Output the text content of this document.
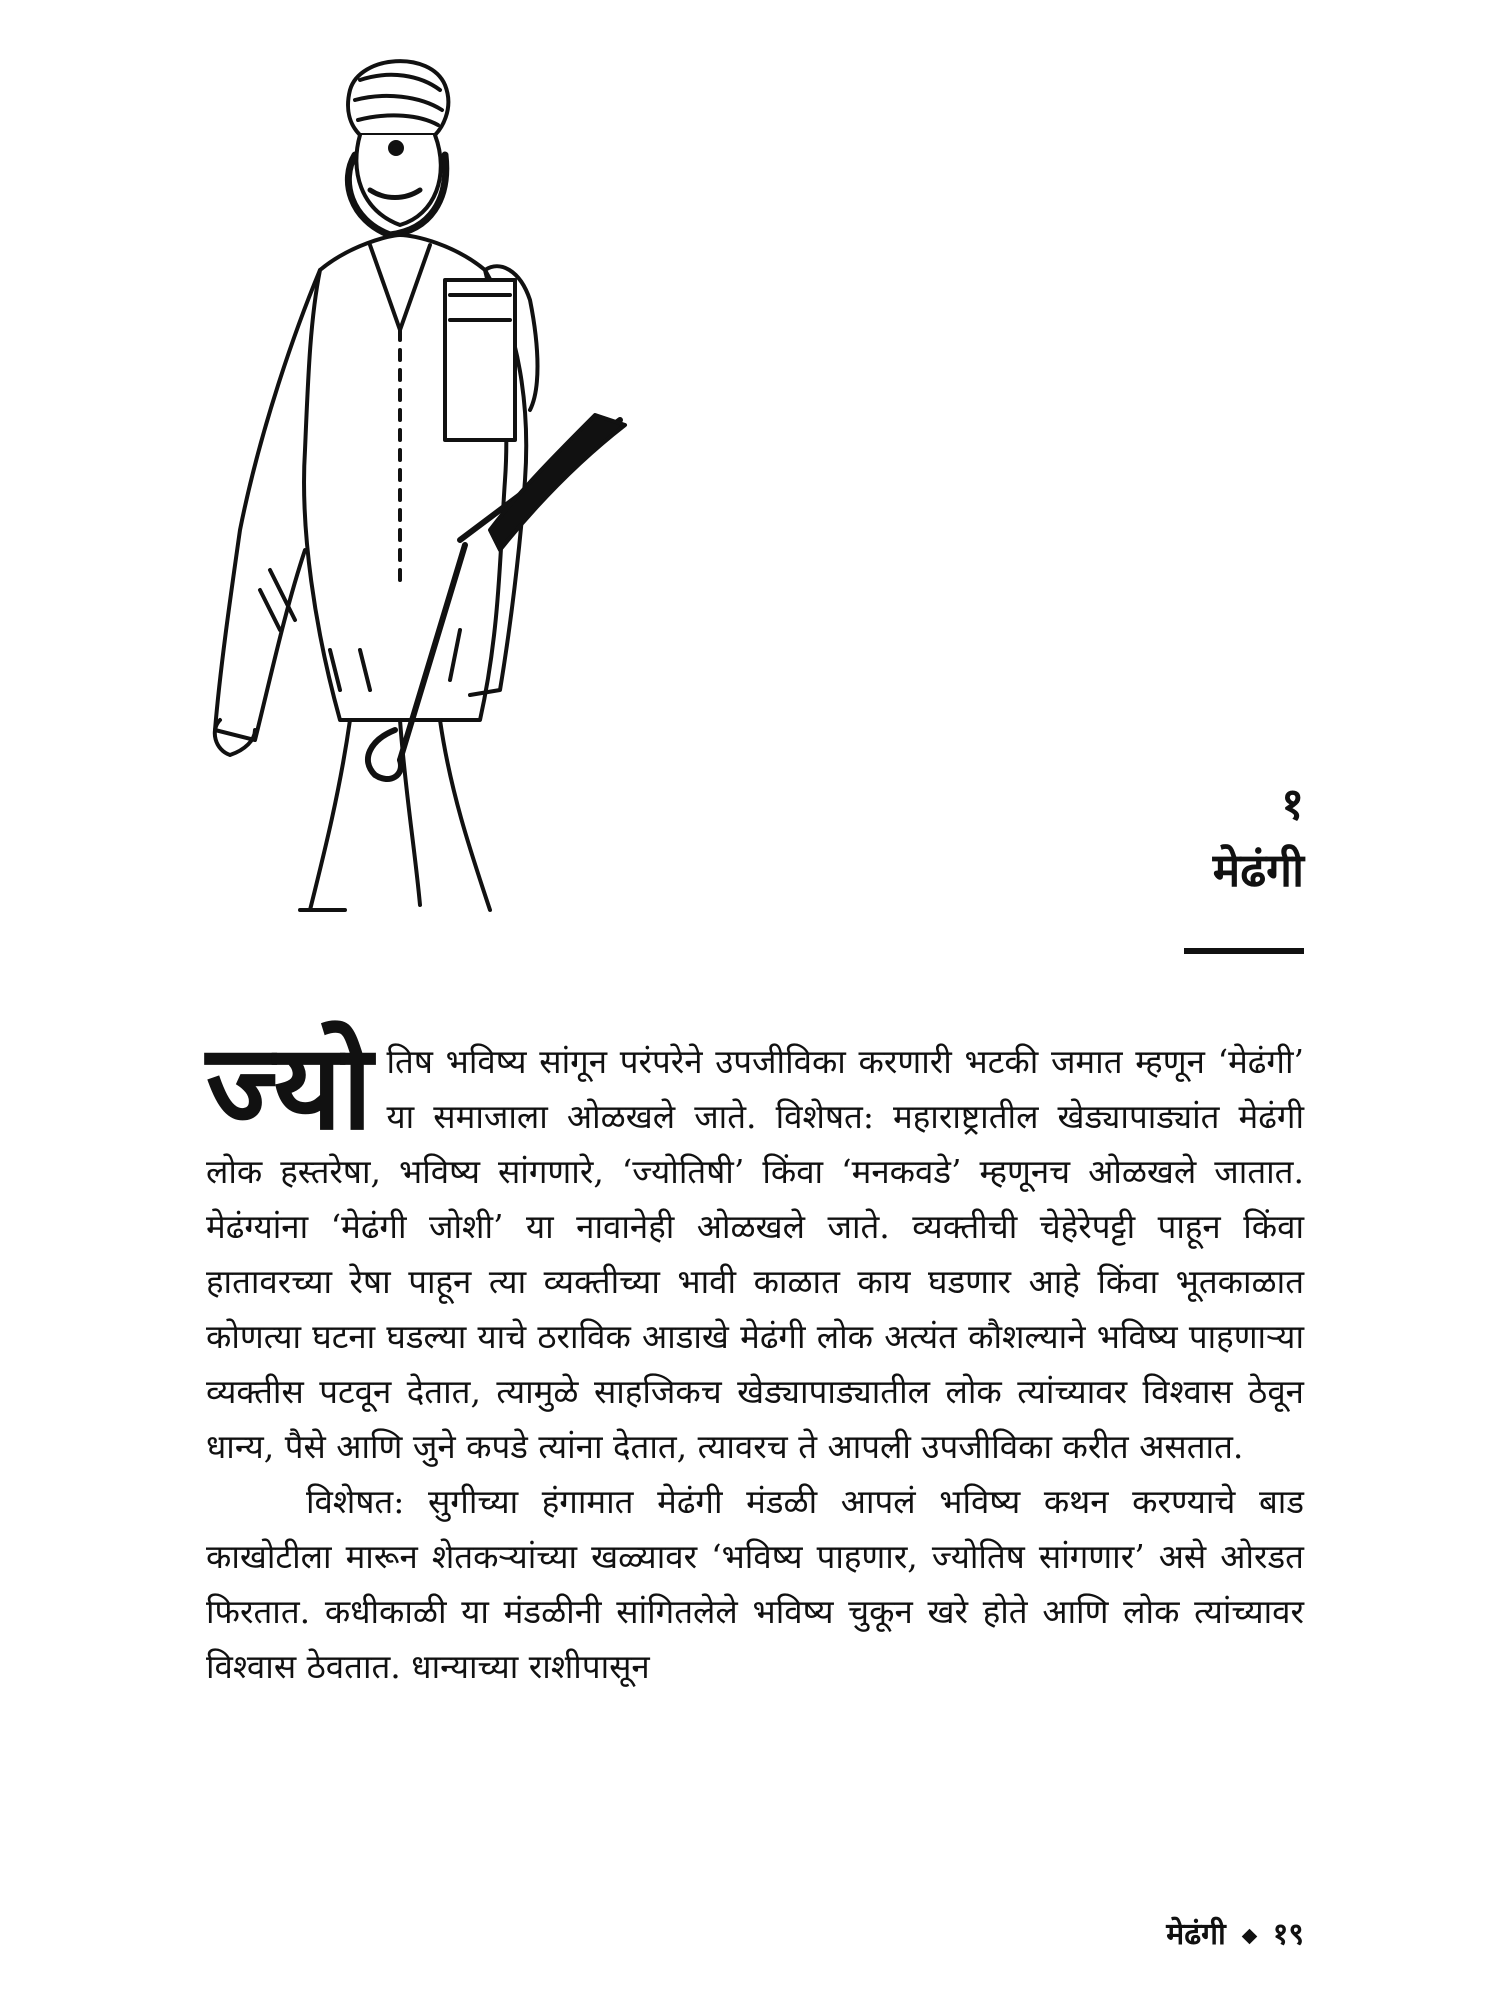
१
मेढंगी

ज्यो तिष भविष्य सांगून परंपरेने उपजीविका करणारी भटकी जमात म्हणून ‘मेढंगी’ या समाजाला ओळखले जाते. विशेषत: महाराष्ट्रातील खेड्यापाड्यांत मेढंगी लोक हस्तरेषा, भविष्य सांगणारे, ‘ज्योतिषी’ किंवा ‘मनकवडे’ म्हणूनच ओळखले जातात. मेढंग्यांना ‘मेढंगी जोशी’ या नावानेही ओळखले जाते. व्यक्तीची चेहेरेपट्टी पाहून किंवा हातावरच्या रेषा पाहून त्या व्यक्तीच्या भावी काळात काय घडणार आहे किंवा भूतकाळात कोणत्या घटना घडल्या याचे ठराविक आडाखे मेढंगी लोक अत्यंत कौशल्याने भविष्य पाहणाऱ्या व्यक्तीस पटवून देतात, त्यामुळे साहजिकच खेड्यापाड्यातील लोक त्यांच्यावर विश्वास ठेवून धान्य, पैसे आणि जुने कपडे त्यांना देतात, त्यावरच ते आपली उपजीविका करीत असतात.

विशेषत: सुगीच्या हंगामात मेढंगी मंडळी आपलं भविष्य कथन करण्याचे बाड काखोटीला मारून शेतकऱ्यांच्या खळ्यावर ‘भविष्य पाहणार, ज्योतिष सांगणार’ असे ओरडत फिरतात. कधीकाळी या मंडळीनी सांगितलेले भविष्य चुकून खरे होते आणि लोक त्यांच्यावर विश्वास ठेवतात. धान्याच्या राशीपासून

मेढंगी १९
